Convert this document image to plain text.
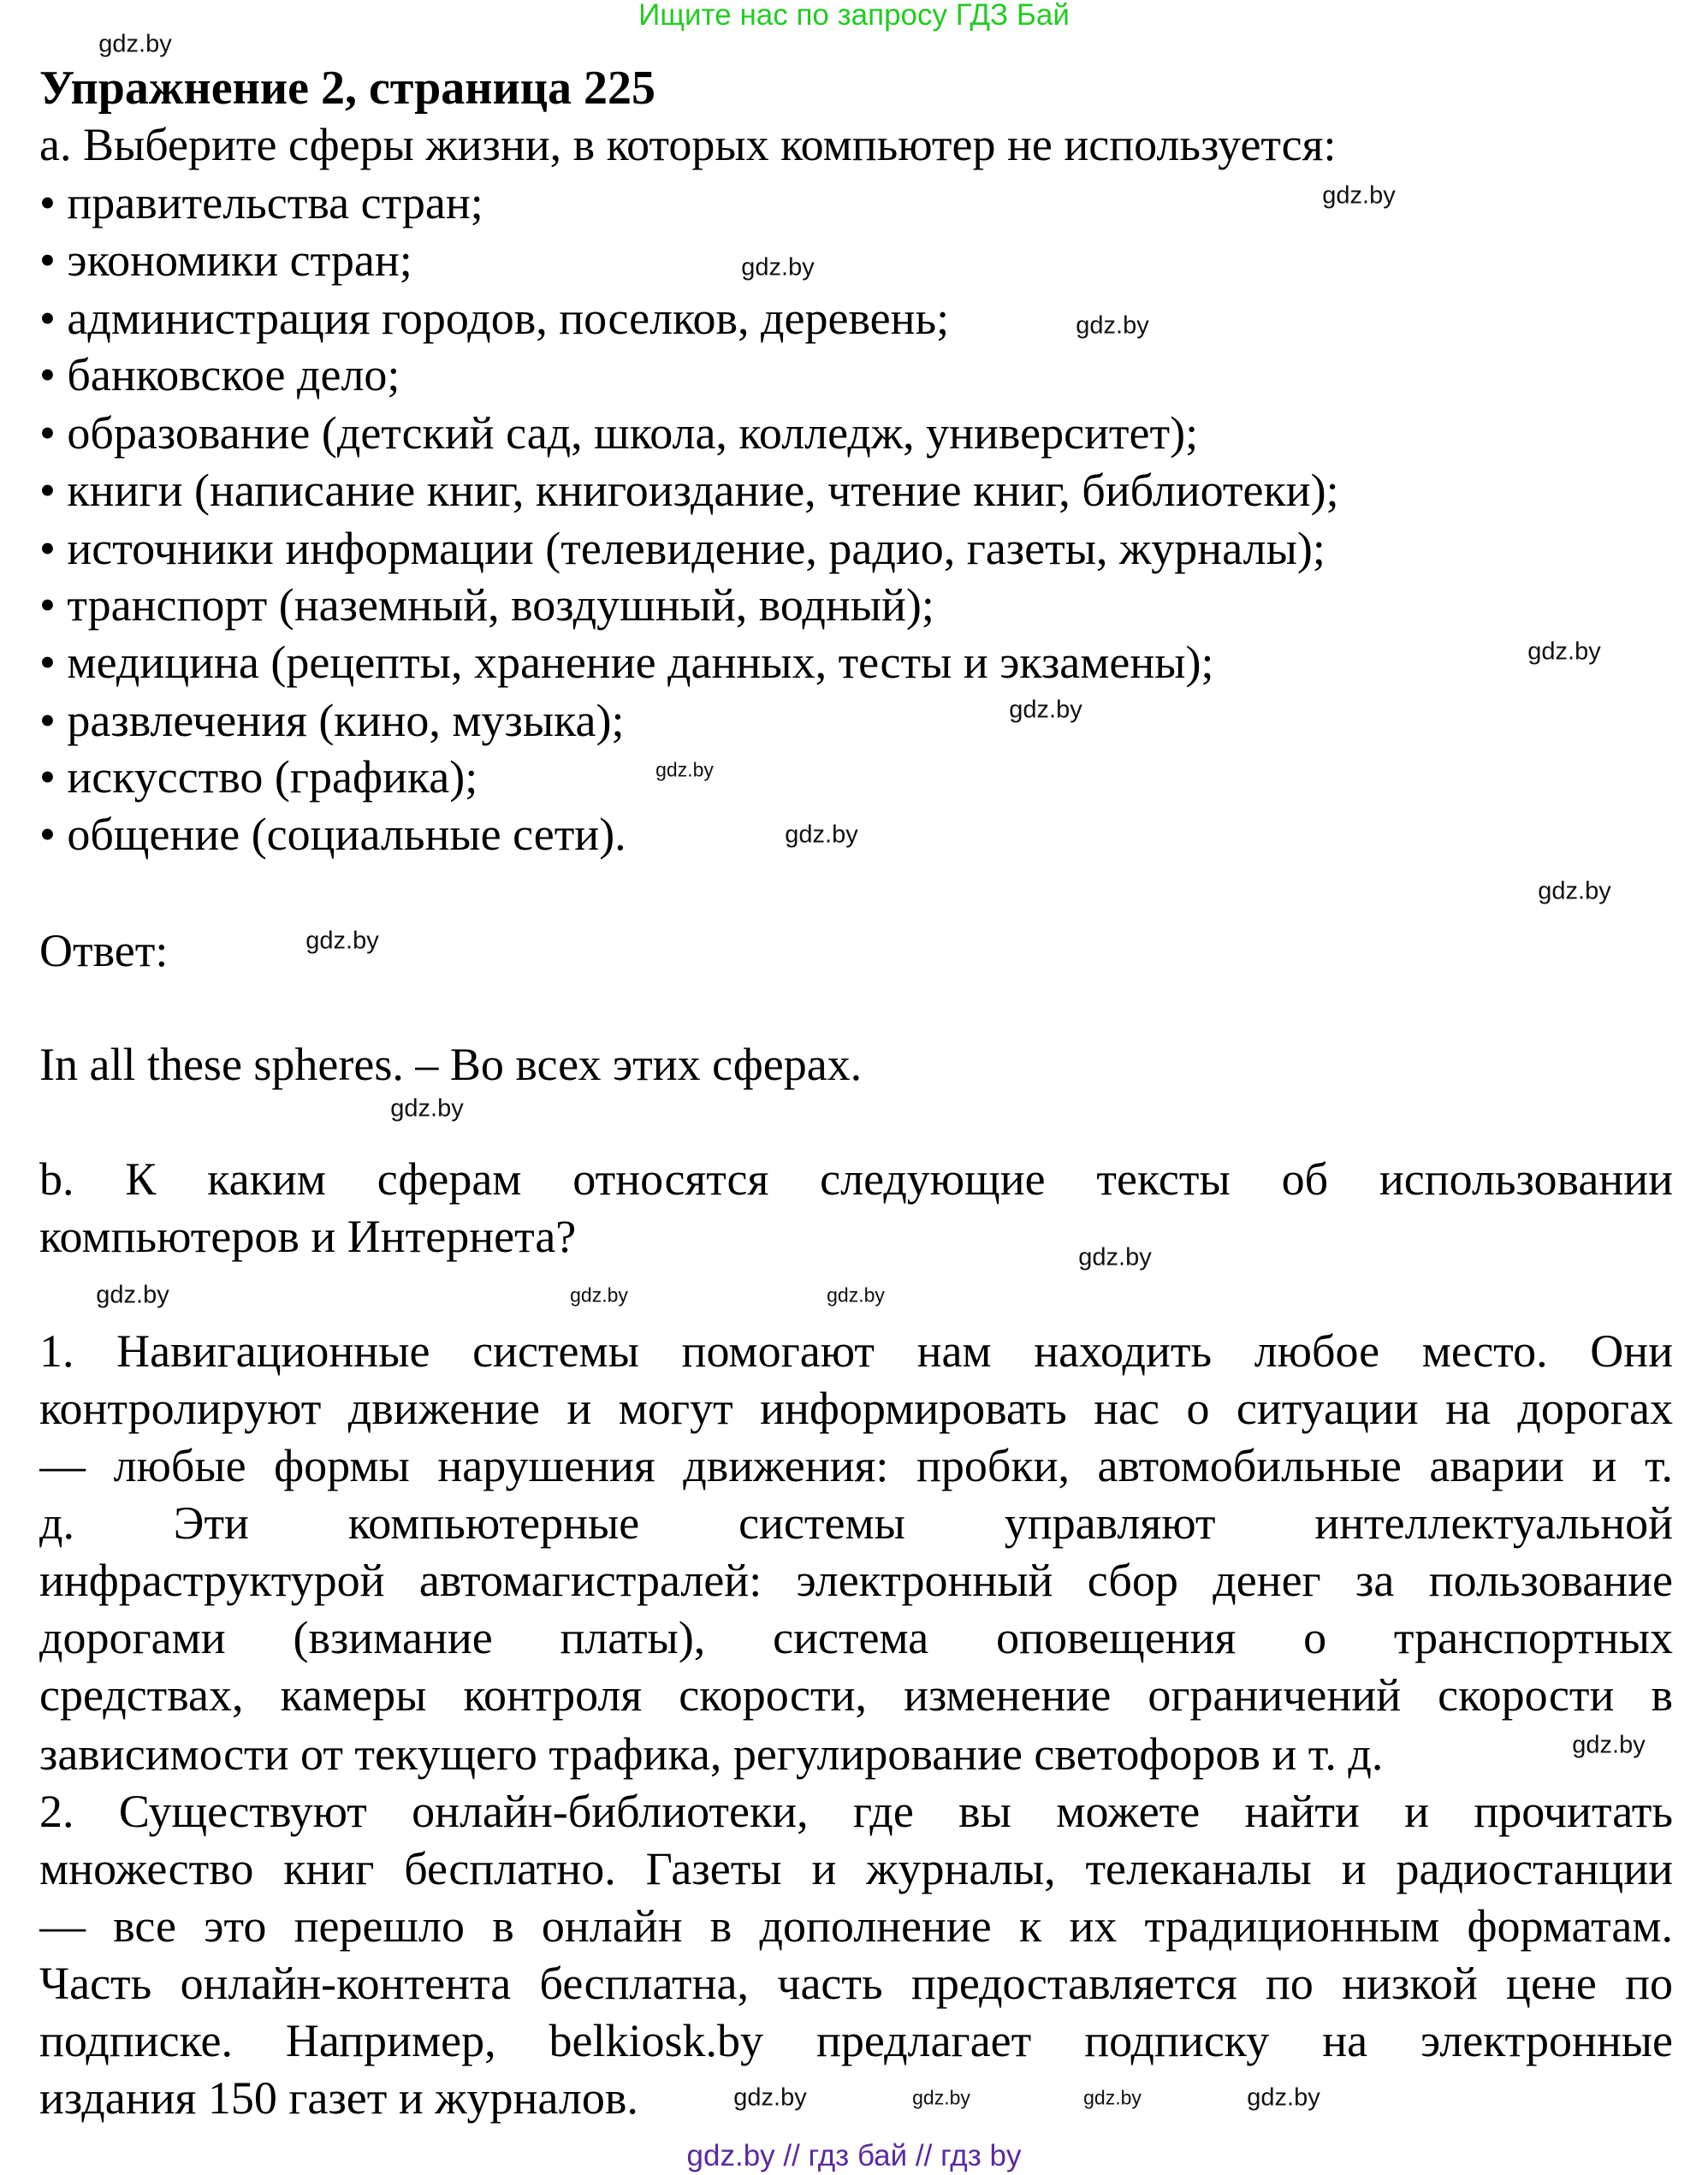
Ищите нас по запросу ГДЗ Бай
Упражнение 2, страница 225
a. Выберите сферы жизни, в которых компьютер не используется:
• правительства стран;
• экономики стран;
• администрация городов, поселков, деревень;
• банковское дело;
• образование (детский сад, школа, колледж, университет);
• книги (написание книг, книгоиздание, чтение книг, библиотеки);
• источники информации (телевидение, радио, газеты, журналы);
• транспорт (наземный, воздушный, водный);
• медицина (рецепты, хранение данных, тесты и экзамены);
• развлечения (кино, музыка);
• искусство (графика);
• общение (социальные сети).
Ответ:
In all these spheres. – Во всех этих сферах.
b. К каким сферам относятся следующие тексты об использовании
компьютеров и Интернета?
1. Навигационные системы помогают нам находить любое место. Они
контролируют движение и могут информировать нас о ситуации на дорогах
— любые формы нарушения движения: пробки, автомобильные аварии и т.
д. Эти компьютерные системы управляют интеллектуальной
инфраструктурой автомагистралей: электронный сбор денег за пользование
дорогами (взимание платы), система оповещения о транспортных
средствах, камеры контроля скорости, изменение ограничений скорости в
зависимости от текущего трафика, регулирование светофоров и т. д.
2. Существуют онлайн-библиотеки, где вы можете найти и прочитать
множество книг бесплатно. Газеты и журналы, телеканалы и радиостанции
— все это перешло в онлайн в дополнение к их традиционным форматам.
Часть онлайн-контента бесплатна, часть предоставляется по низкой цене по
подписке. Например, belkiosk.by предлагает подписку на электронные
издания 150 газет и журналов.
gdz.by
gdz.by
gdz.by
gdz.by
gdz.by
gdz.by
gdz.by
gdz.by
gdz.by
gdz.by
gdz.by
gdz.by
gdz.by	gdz.by
gdz.by
gdz.by
gdz.by	gdz.by	gdz.by
gdz.by
gdz.by // гдз бай // гдз by
